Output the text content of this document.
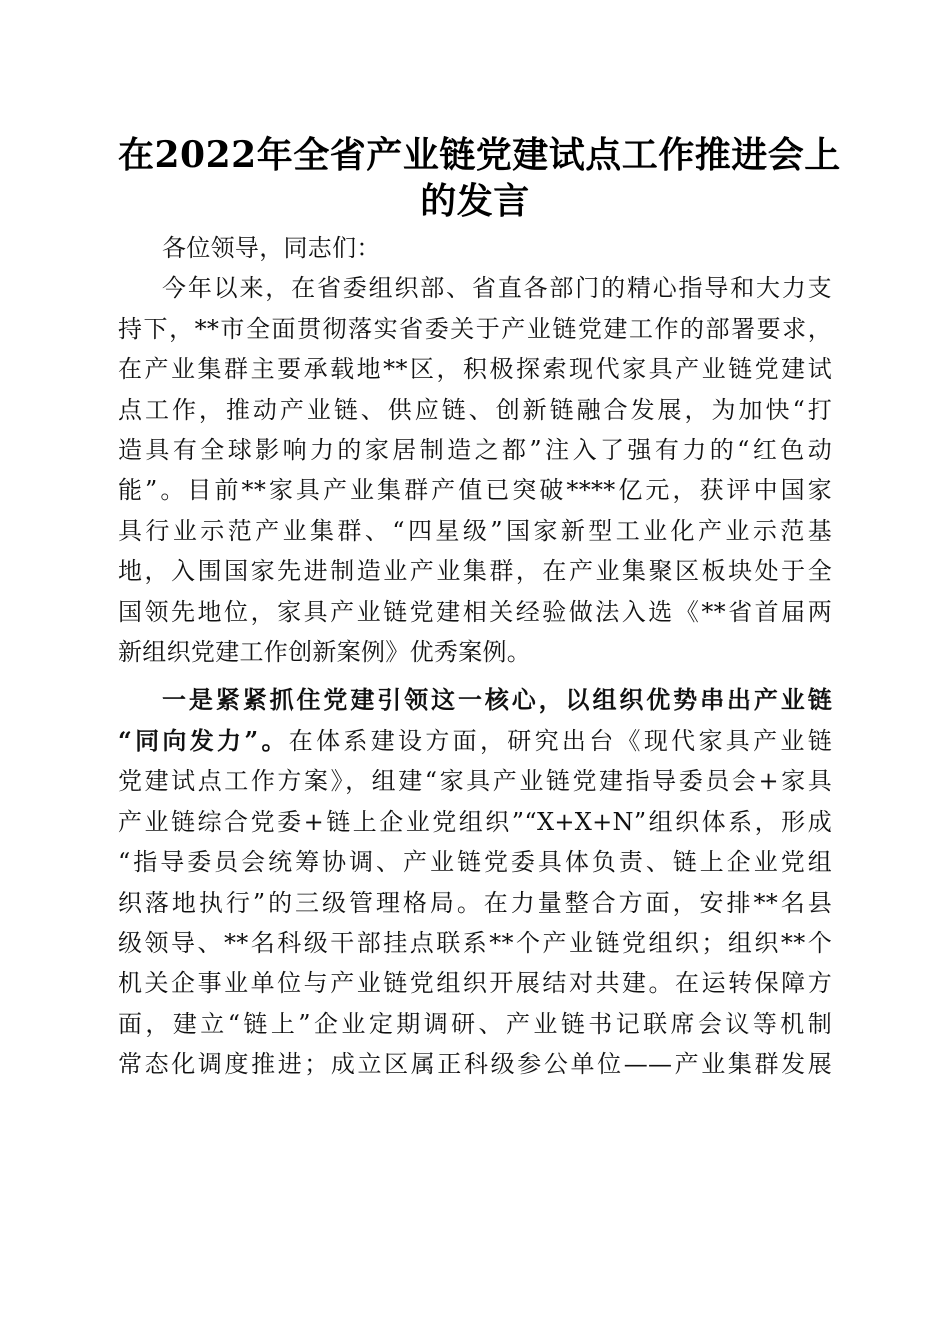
在2022年全省产业链党建试点工作推进会上
的发言

各位领导，同志们：

今年以来，在省委组织部、省直各部门的精心指导和大力支
持下，**市全面贯彻落实省委关于产业链党建工作的部署要求，
在产业集群主要承载地**区，积极探索现代家具产业链党建试
点工作，推动产业链、供应链、创新链融合发展，为加快“打
造具有全球影响力的家居制造之都”注入了强有力的“红色动
能”。目前**家具产业集群产值已突破****亿元，获评中国家
具行业示范产业集群、“四星级”国家新型工业化产业示范基
地，入围国家先进制造业产业集群，在产业集聚区板块处于全
国领先地位，家具产业链党建相关经验做法入选《**省首届两
新组织党建工作创新案例》优秀案例。

一是紧紧抓住党建引领这一核心，以组织优势串出产业链
“同向发力”。在体系建设方面，研究出台《现代家具产业链
党建试点工作方案》，组建“家具产业链党建指导委员会+家具
产业链综合党委+链上企业党组织”“X+X+N”组织体系，形成
“指导委员会统筹协调、产业链党委具体负责、链上企业党组
织落地执行”的三级管理格局。在力量整合方面，安排**名县
级领导、**名科级干部挂点联系**个产业链党组织；组织**个
机关企事业单位与产业链党组织开展结对共建。在运转保障方
面，建立“链上”企业定期调研、产业链书记联席会议等机制
常态化调度推进；成立区属正科级参公单位——产业集群发展
